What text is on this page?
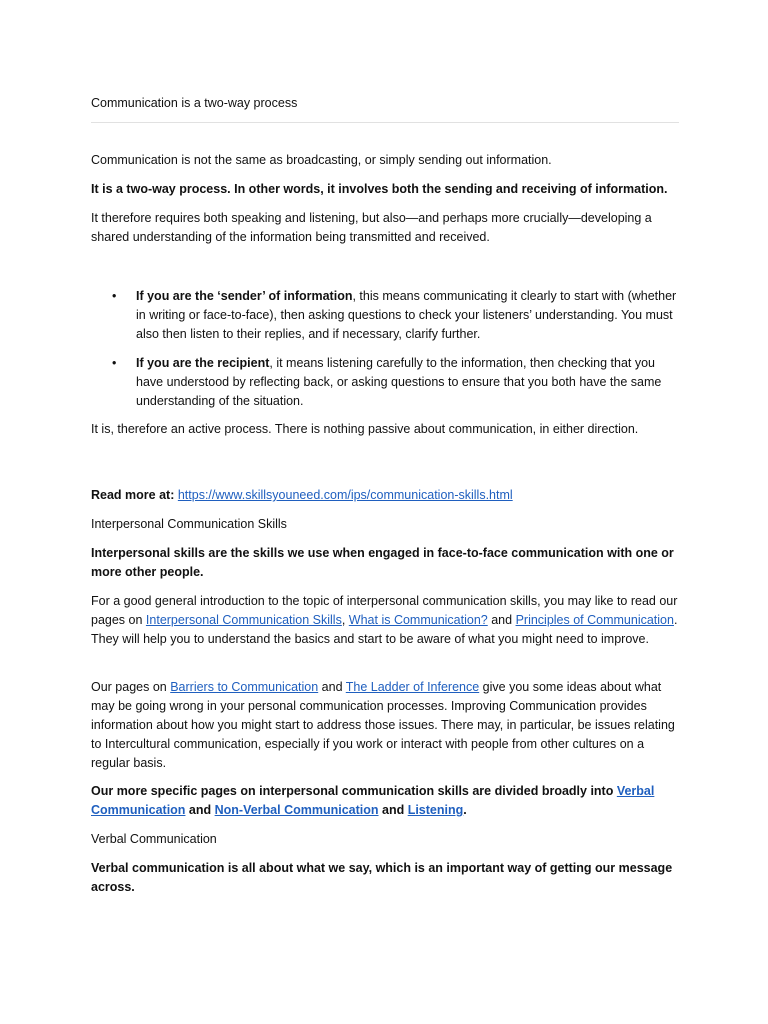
Communication is a two-way process

Communication is not the same as broadcasting, or simply sending out information.

It is a two-way process. In other words, it involves both the sending and receiving of information.

It therefore requires both speaking and listening, but also—and perhaps more crucially—developing a shared understanding of the information being transmitted and received.

• If you are the ‘sender’ of information, this means communicating it clearly to start with (whether in writing or face-to-face), then asking questions to check your listeners’ understanding. You must also then listen to their replies, and if necessary, clarify further.
• If you are the recipient, it means listening carefully to the information, then checking that you have understood by reflecting back, or asking questions to ensure that you both have the same understanding of the situation.

It is, therefore an active process. There is nothing passive about communication, in either direction.

Read more at: https://www.skillsyouneed.com/ips/communication-skills.html

Interpersonal Communication Skills

Interpersonal skills are the skills we use when engaged in face-to-face communication with one or more other people.

For a good general introduction to the topic of interpersonal communication skills, you may like to read our pages on Interpersonal Communication Skills, What is Communication? and Principles of Communication. They will help you to understand the basics and start to be aware of what you might need to improve.

Our pages on Barriers to Communication and The Ladder of Inference give you some ideas about what may be going wrong in your personal communication processes. Improving Communication provides information about how you might start to address those issues. There may, in particular, be issues relating to Intercultural communication, especially if you work or interact with people from other cultures on a regular basis.

Our more specific pages on interpersonal communication skills are divided broadly into Verbal Communication and Non-Verbal Communication and Listening.

Verbal Communication

Verbal communication is all about what we say, which is an important way of getting our message across.
